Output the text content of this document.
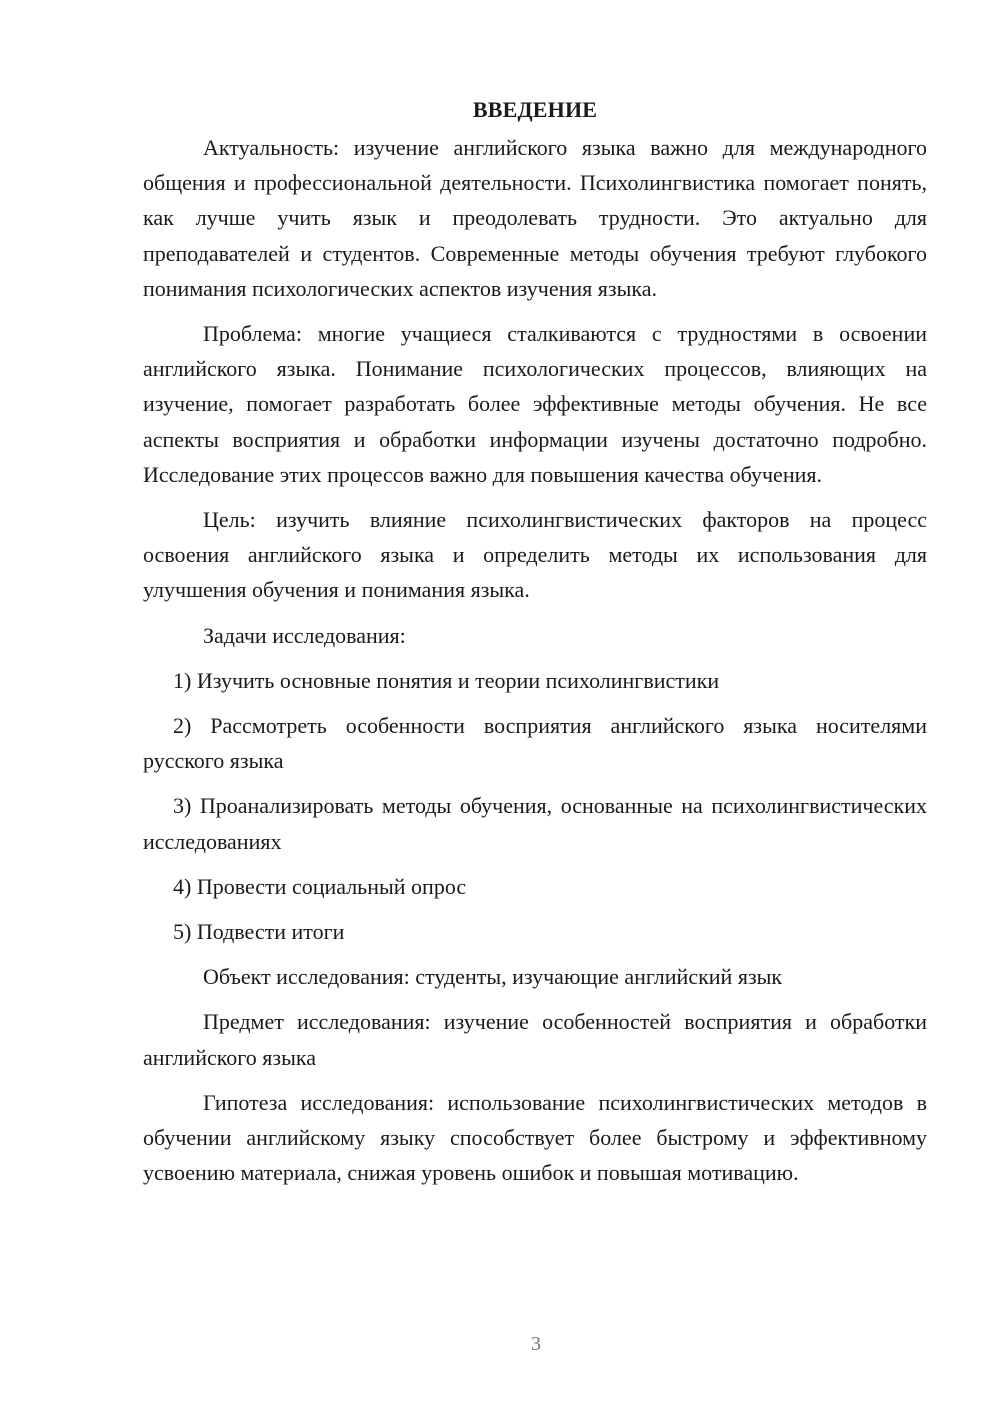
ВВЕДЕНИЕ

Актуальность: изучение английского языка важно для международного общения и профессиональной деятельности. Психолингвистика помогает понять, как лучше учить язык и преодолевать трудности. Это актуально для преподавателей и студентов. Современные методы обучения требуют глубокого понимания психологических аспектов изучения языка.

Проблема: многие учащиеся сталкиваются с трудностями в освоении английского языка. Понимание психологических процессов, влияющих на изучение, помогает разработать более эффективные методы обучения. Не все аспекты восприятия и обработки информации изучены достаточно подробно. Исследование этих процессов важно для повышения качества обучения.

Цель: изучить влияние психолингвистических факторов на процесс освоения английского языка и определить методы их использования для улучшения обучения и понимания языка.

Задачи исследования:

1) Изучить основные понятия и теории психолингвистики

2) Рассмотреть особенности восприятия английского языка носителями русского языка

3) Проанализировать методы обучения, основанные на психолингвистических исследованиях

4) Провести социальный опрос

5) Подвести итоги

Объект исследования: студенты, изучающие английский язык

Предмет исследования: изучение особенностей восприятия и обработки английского языка

Гипотеза исследования: использование психолингвистических методов в обучении английскому языку способствует более быстрому и эффективному усвоению материала, снижая уровень ошибок и повышая мотивацию.

3
